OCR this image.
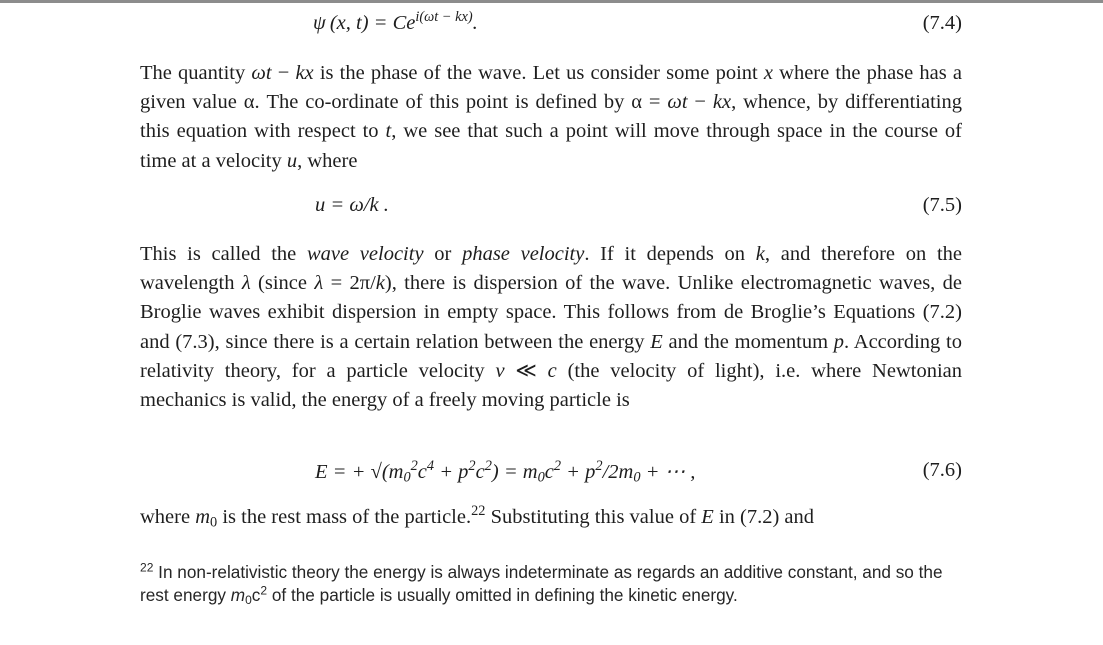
ψ (x, $t) = Ce^{i(\omega t - kx)}$.	(7.4)

The quantity ωt − kx is the phase of the wave. Let us consider some point x where the phase has a given value α. The co-ordinate of this point is defined by α = ωt − kx, whence, by differentiating this equation with respect to t, we see that such a point will move through space in the course of time at a velocity u, where

u = ω/k .	(7.5)

This is called the wave velocity or phase velocity. If it depends on k, and therefore on the wavelength λ (since λ = 2π/k), there is dispersion of the wave. Unlike electromagnetic waves, de Broglie waves exhibit dispersion in empty space. This follows from de Broglie’s Equations (7.2) and (7.3), since there is a certain relation between the energy E and the momentum p. According to relativity theory, for a particle velocity v ≪ c (the velocity of light), i.e. where Newtonian mechanics is valid, the energy of a freely moving particle is

E = + $√(m_0^2c^4 + p^2c^2) = m_0c^2 + p^2/2m_0$ + ⋯ ,	(7.6)

where $m_0$ is the rest mass of the particle.$^{22}$ Substituting this value of E in (7.2) and

$^{22}$ In non-relativistic theory the energy is always indeterminate as regards an additive constant, and so the rest energy $m_0c^2$ of the particle is usually omitted in defining the kinetic energy.
